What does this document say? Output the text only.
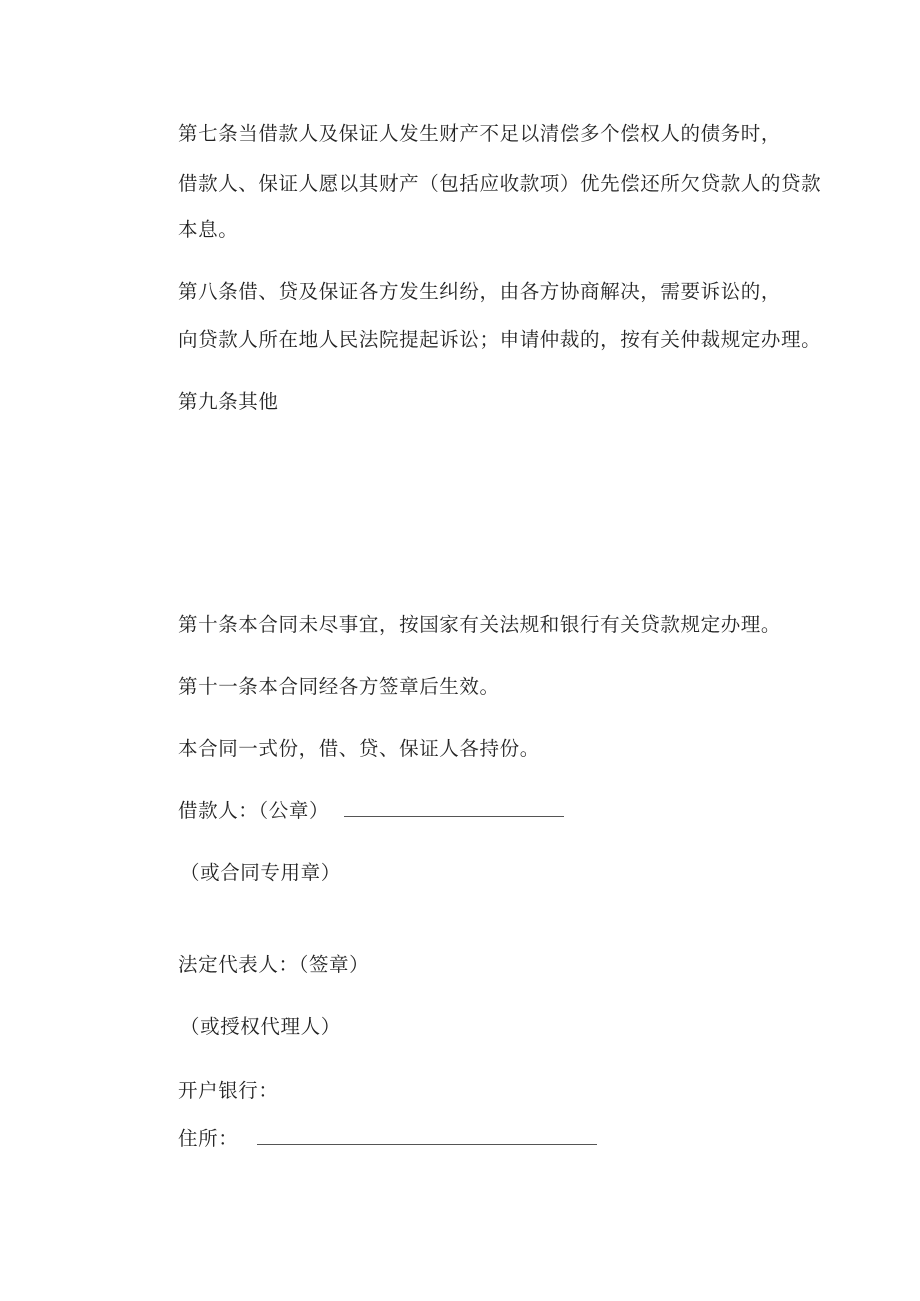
第七条当借款人及保证人发生财产不足以清偿多个偿权人的债务时，
借款人、保证人愿以其财产（包括应收款项）优先偿还所欠贷款人的贷款
本息。
第八条借、贷及保证各方发生纠纷，由各方协商解决，需要诉讼的，
向贷款人所在地人民法院提起诉讼；申请仲裁的，按有关仲裁规定办理。
第九条其他
第十条本合同未尽事宜，按国家有关法规和银行有关贷款规定办理。
第十一条本合同经各方签章后生效。
本合同一式份，借、贷、保证人各持份。
借款人：（公章）
（或合同专用章）
法定代表人：（签章）
（或授权代理人）
开户银行：
住所：
